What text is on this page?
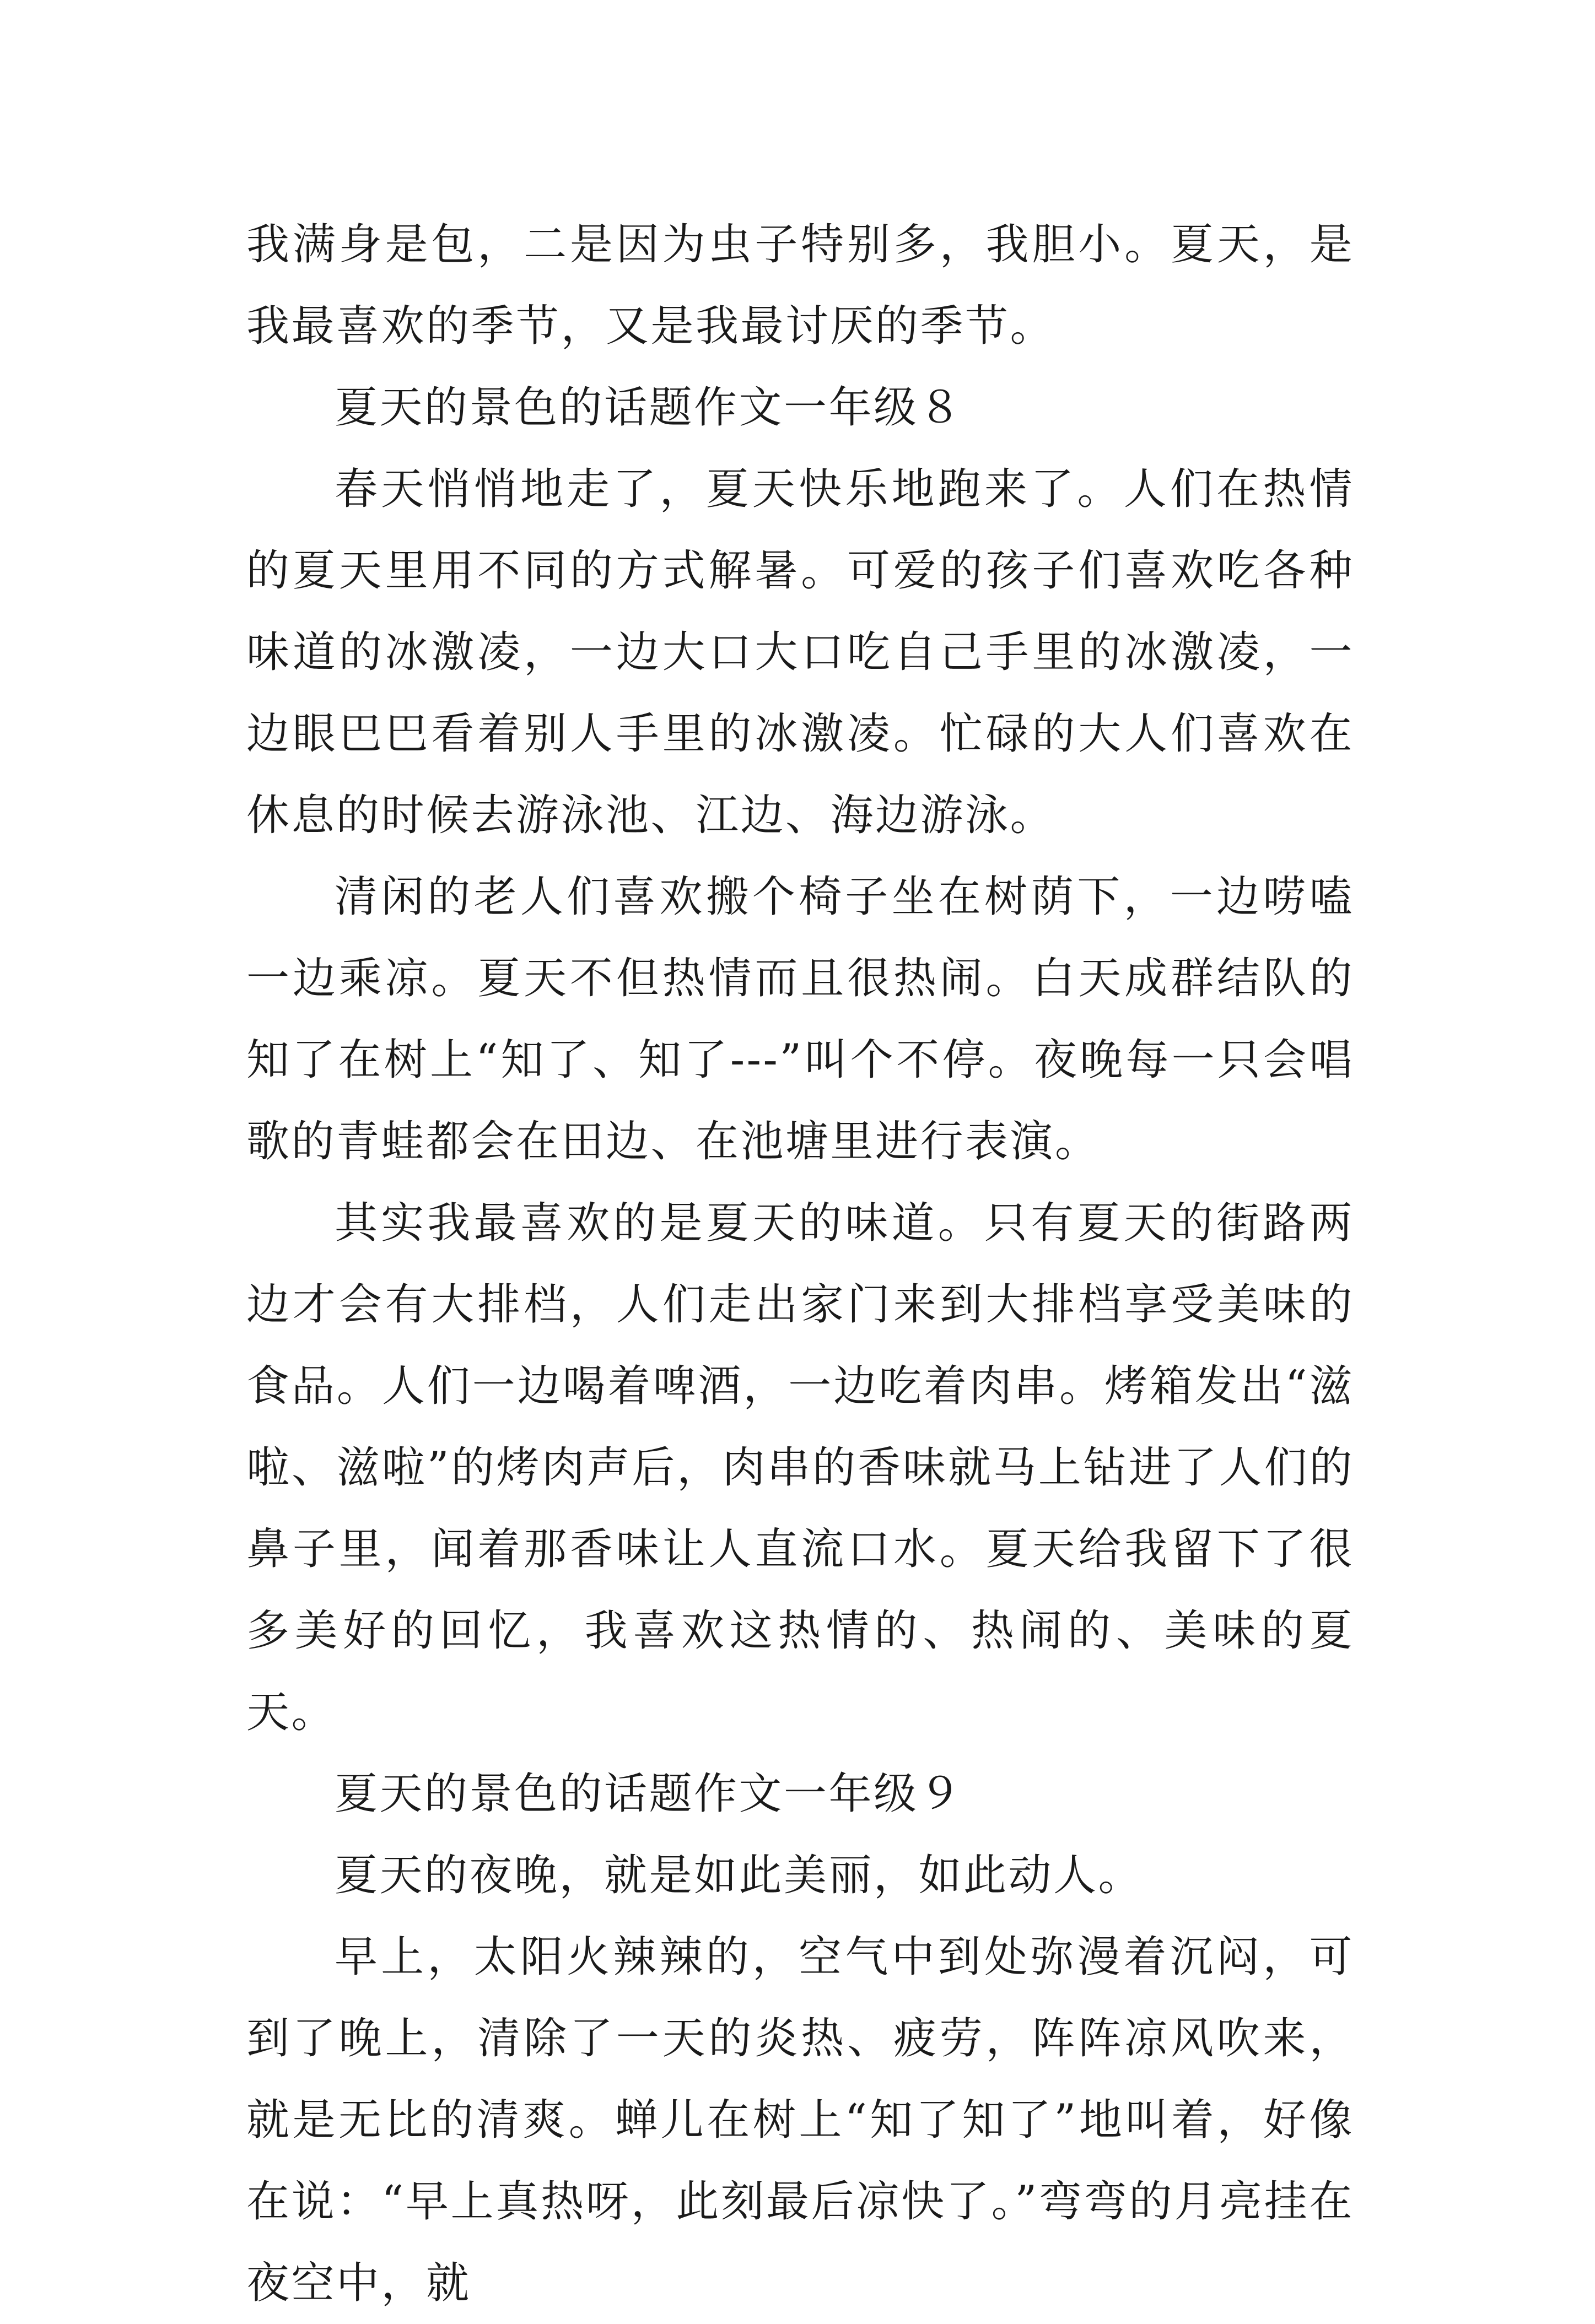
我满身是包，二是因为虫子特别多，我胆小。夏天，是我最喜欢的季节，又是我最讨厌的季节。

夏天的景色的话题作文一年级８

春天悄悄地走了，夏天快乐地跑来了。人们在热情的夏天里用不同的方式解暑。可爱的孩子们喜欢吃各种味道的冰激凌，一边大口大口吃自己手里的冰激凌，一边眼巴巴看着别人手里的冰激凌。忙碌的大人们喜欢在休息的时候去游泳池、江边、海边游泳。

清闲的老人们喜欢搬个椅子坐在树荫下，一边唠嗑一边乘凉。夏天不但热情而且很热闹。白天成群结队的知了在树上“知了、知了---”叫个不停。夜晚每一只会唱歌的青蛙都会在田边、在池塘里进行表演。

其实我最喜欢的是夏天的味道。只有夏天的街路两边才会有大排档，人们走出家门来到大排档享受美味的食品。人们一边喝着啤酒，一边吃着肉串。烤箱发出“滋啦、滋啦”的烤肉声后，肉串的香味就马上钻进了人们的鼻子里，闻着那香味让人直流口水。夏天给我留下了很多美好的回忆，我喜欢这热情的、热闹的、美味的夏天。

夏天的景色的话题作文一年级９

夏天的夜晚，就是如此美丽，如此动人。

早上，太阳火辣辣的，空气中到处弥漫着沉闷，可到了晚上，清除了一天的炎热、疲劳，阵阵凉风吹来，就是无比的清爽。蝉儿在树上“知了知了”地叫着，好像在说：“早上真热呀，此刻最后凉快了。”弯弯的月亮挂在夜空中，就
